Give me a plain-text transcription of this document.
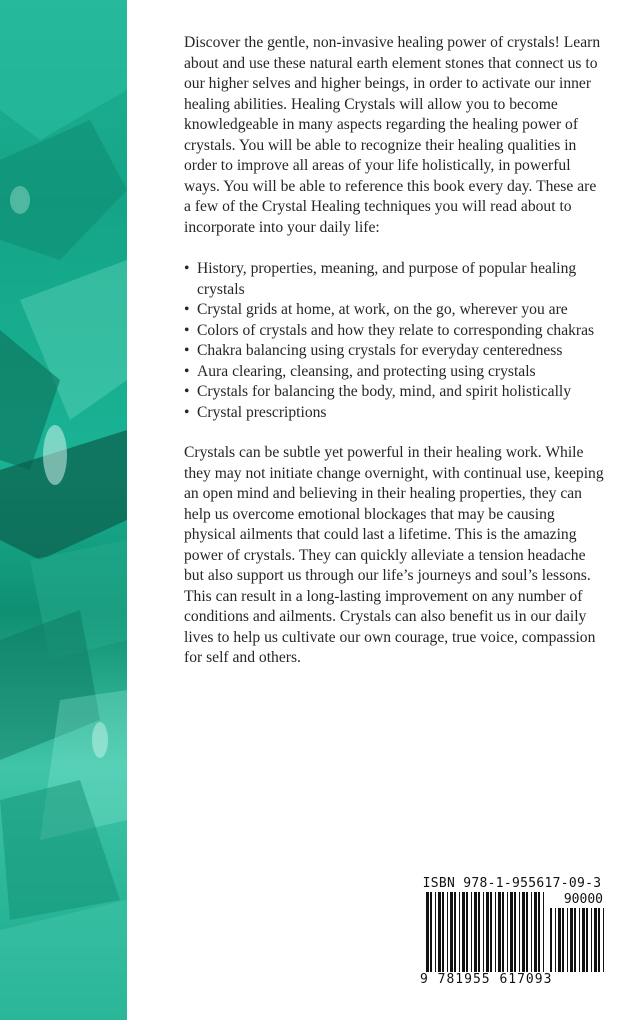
Discover the gentle, non-invasive healing power of crystals! Learn about and use these natural earth element stones that connect us to our higher selves and higher beings, in order to activate our inner healing abilities. Healing Crystals will allow you to become knowledgeable in many aspects regarding the healing power of crystals. You will be able to recognize their healing qualities in order to improve all areas of your life holistically, in powerful ways. You will be able to reference this book every day. These are a few of the Crystal Healing techniques you will read about to incorporate into your daily life:

• History, properties, meaning, and purpose of popular healing crystals
• Crystal grids at home, at work, on the go, wherever you are
• Colors of crystals and how they relate to corresponding chakras
• Chakra balancing using crystals for everyday centeredness
• Aura clearing, cleansing, and protecting using crystals
• Crystals for balancing the body, mind, and spirit holistically
• Crystal prescriptions

Crystals can be subtle yet powerful in their healing work. While they may not initiate change overnight, with continual use, keeping an open mind and believing in their healing properties, they can help us overcome emotional blockages that may be causing physical ailments that could last a lifetime. This is the amazing power of crystals. They can quickly alleviate a tension headache but also support us through our life’s journeys and soul’s lessons. This can result in a long-lasting improvement on any number of conditions and ailments. Crystals can also benefit us in our daily lives to help us cultivate our own courage, true voice, compassion for self and others.

ISBN 978-1-955617-09-3
90000
9 781955 617093
